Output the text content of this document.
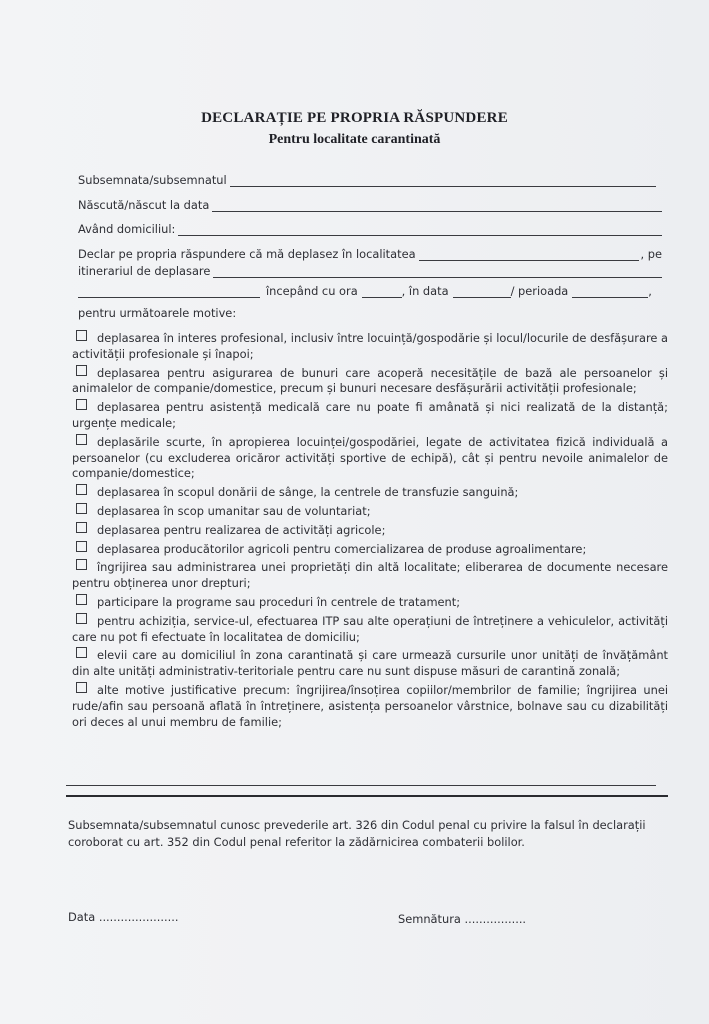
DECLARAȚIE PE PROPRIA RĂSPUNDERE
Pentru localitate carantinată
Subsemnata/subsemnatul
Născută/născut la data
Având domiciliul:
Declar pe propria răspundere că mă deplasez în localitatea	, pe
itinerariul de deplasare
începând cu ora	, în data	/ perioada	,
pentru următoarele motive:
deplasarea în interes profesional, inclusiv între locuință/gospodărie și locul/locurile de desfășurare a activității profesionale și înapoi;
deplasarea pentru asigurarea de bunuri care acoperă necesitățile de bază ale persoanelor și animalelor de companie/domestice, precum și bunuri necesare desfășurării activității profesionale;
deplasarea pentru asistență medicală care nu poate fi amânată și nici realizată de la distanță; urgențe medicale;
deplasările scurte, în apropierea locuinței/gospodăriei, legate de activitatea fizică individuală a persoanelor (cu excluderea oricăror activități sportive de echipă), cât și pentru nevoile animalelor de companie/domestice;
deplasarea în scopul donării de sânge, la centrele de transfuzie sanguină;
deplasarea în scop umanitar sau de voluntariat;
deplasarea pentru realizarea de activități agricole;
deplasarea producătorilor agricoli pentru comercializarea de produse agroalimentare;
îngrijirea sau administrarea unei proprietăți din altă localitate; eliberarea de documente necesare pentru obținerea unor drepturi;
participare la programe sau proceduri în centrele de tratament;
pentru achiziția, service-ul, efectuarea ITP sau alte operațiuni de întreținere a vehiculelor, activități care nu pot fi efectuate în localitatea de domiciliu;
elevii care au domiciliul în zona carantinată și care urmează cursurile unor unități de învățământ din alte unități administrativ-teritoriale pentru care nu sunt dispuse măsuri de carantină zonală;
alte motive justificative precum: îngrijirea/însoțirea copiilor/membrilor de familie; îngrijirea unei rude/afin sau persoană aflată în întreținere, asistența persoanelor vârstnice, bolnave sau cu dizabilități ori deces al unui membru de familie;
Subsemnata/subsemnatul cunosc prevederile art. 326 din Codul penal cu privire la falsul în declarații coroborat cu art. 352 din Codul penal referitor la zădărnicirea combaterii bolilor.
Data ......................	Semnătura .................
